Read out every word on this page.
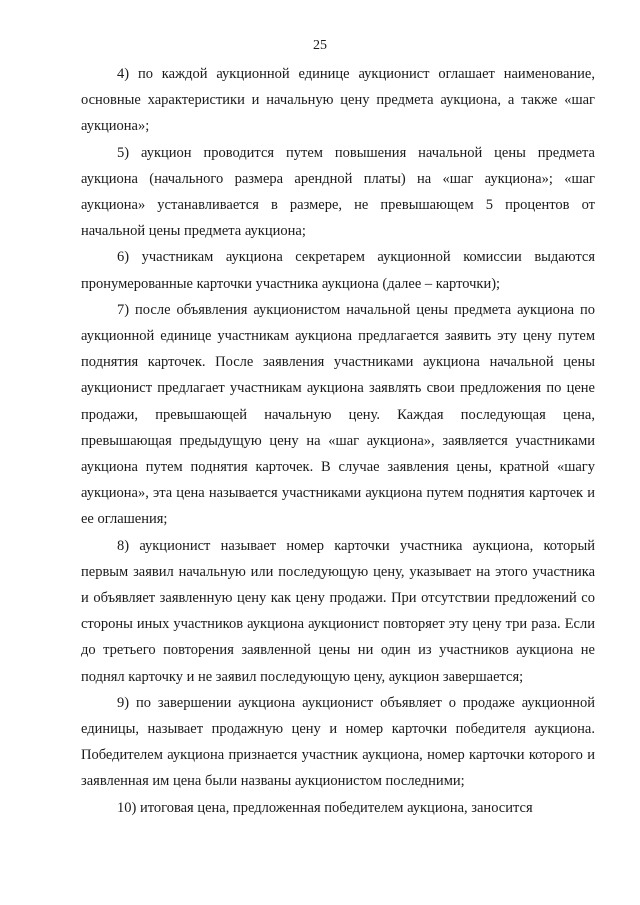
25

4) по каждой аукционной единице аукционист оглашает наименование, основные характеристики и начальную цену предмета аукциона, а также «шаг аукциона»;

5) аукцион проводится путем повышения начальной цены предмета аукциона (начального размера арендной платы) на «шаг аукциона»; «шаг аукциона» устанавливается в размере, не превышающем 5 процентов от начальной цены предмета аукциона;

6) участникам аукциона секретарем аукционной комиссии выдаются пронумерованные карточки участника аукциона (далее – карточки);

7) после объявления аукционистом начальной цены предмета аукциона по аукционной единице участникам аукциона предлагается заявить эту цену путем поднятия карточек. После заявления участниками аукциона начальной цены аукционист предлагает участникам аукциона заявлять свои предложения по цене продажи, превышающей начальную цену. Каждая последующая цена, превышающая предыдущую цену на «шаг аукциона», заявляется участниками аукциона путем поднятия карточек. В случае заявления цены, кратной «шагу аукциона», эта цена называется участниками аукциона путем поднятия карточек и ее оглашения;

8) аукционист называет номер карточки участника аукциона, который первым заявил начальную или последующую цену, указывает на этого участника и объявляет заявленную цену как цену продажи. При отсутствии предложений со стороны иных участников аукциона аукционист повторяет эту цену три раза. Если до третьего повторения заявленной цены ни один из участников аукциона не поднял карточку и не заявил последующую цену, аукцион завершается;

9) по завершении аукциона аукционист объявляет о продаже аукционной единицы, называет продажную цену и номер карточки победителя аукциона. Победителем аукциона признается участник аукциона, номер карточки которого и заявленная им цена были названы аукционистом последними;

10) итоговая цена, предложенная победителем аукциона, заносится
